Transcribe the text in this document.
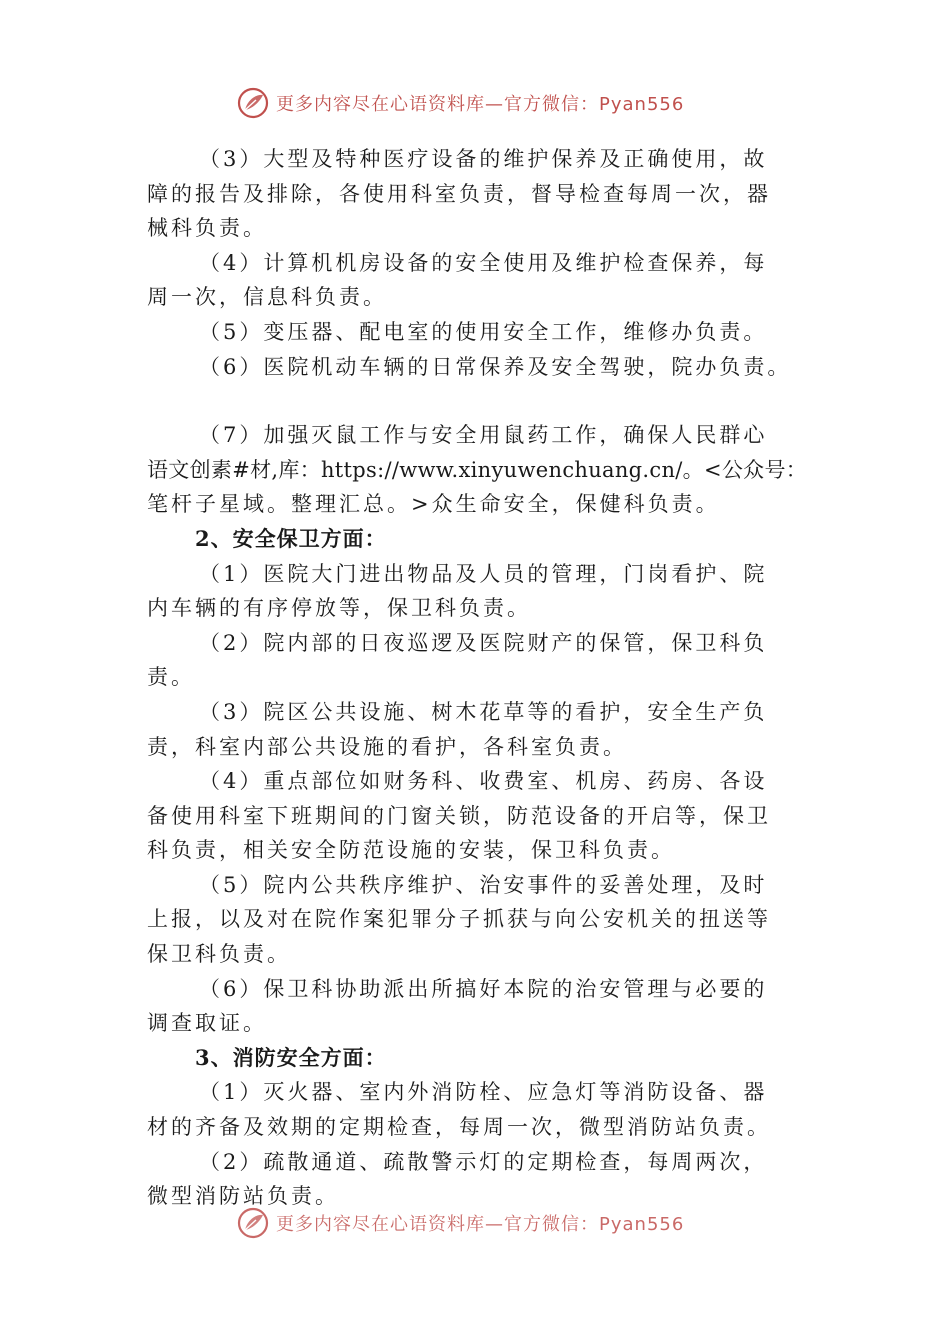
更多内容尽在心语资料库—官方微信：Pyan556
（3）大型及特种医疗设备的维护保养及正确使用，故
障的报告及排除，各使用科室负责，督导检查每周一次，器
械科负责。
（4）计算机机房设备的安全使用及维护检查保养，每
周一次，信息科负责。
（5）变压器、配电室的使用安全工作，维修办负责。
（6）医院机动车辆的日常保养及安全驾驶，院办负责。
（7）加强灭鼠工作与安全用鼠药工作，确保人民群心
语文创素#材,库：https://www.xinyuwenchuang.cn/。<公众号：
笔杆子星域。整理汇总。>众生命安全，保健科负责。
2、安全保卫方面：
（1）医院大门进出物品及人员的管理，门岗看护、院
内车辆的有序停放等，保卫科负责。
（2）院内部的日夜巡逻及医院财产的保管，保卫科负
责。
（3）院区公共设施、树木花草等的看护，安全生产负
责，科室内部公共设施的看护，各科室负责。
（4）重点部位如财务科、收费室、机房、药房、各设
备使用科室下班期间的门窗关锁，防范设备的开启等，保卫
科负责，相关安全防范设施的安装，保卫科负责。
（5）院内公共秩序维护、治安事件的妥善处理，及时
上报，以及对在院作案犯罪分子抓获与向公安机关的扭送等
保卫科负责。
（6）保卫科协助派出所搞好本院的治安管理与必要的
调查取证。
3、消防安全方面：
（1）灭火器、室内外消防栓、应急灯等消防设备、器
材的齐备及效期的定期检查，每周一次，微型消防站负责。
（2）疏散通道、疏散警示灯的定期检查，每周两次，
微型消防站负责。
更多内容尽在心语资料库—官方微信：Pyan556
